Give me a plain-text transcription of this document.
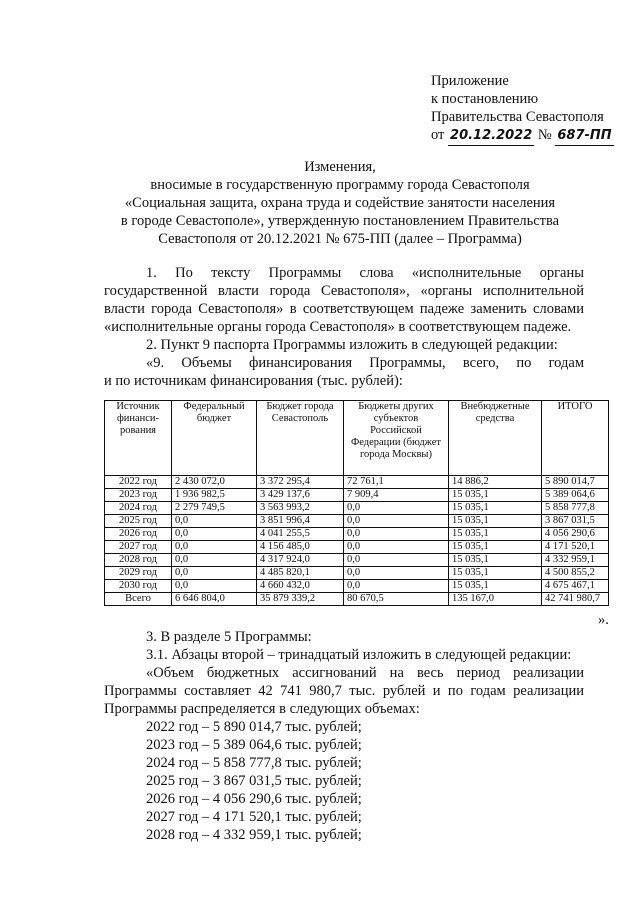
Приложение
к постановлению
Правительства Севастополя
от 20.12.2022 № 687-ПП
Изменения,
вносимые в государственную программу города Севастополя
«Социальная защита, охрана труда и содействие занятости населения
в городе Севастополе», утвержденную постановлением Правительства
Севастополя от 20.12.2021 № 675-ПП (далее – Программа)

1. По тексту Программы слова «исполнительные органы государственной власти города Севастополя», «органы исполнительной власти города Севастополя» в соответствующем падеже заменить словами «исполнительные органы города Севастополя» в соответствующем падеже.

2. Пункт 9 паспорта Программы изложить в следующей редакции:

«9. Объемы финансирования Программы, всего, по годам

и по источникам финансирования (тыс. рублей):

Источник финанси-рования	Федеральный бюджет	Бюджет города Севастополь	Бюджеты других субъектов Российской Федерации (бюджет города Москвы)	Внебюджетные средства	ИТОГО
2022 год	2 430 072,0	3 372 295,4	72 761,1	14 886,2	5 890 014,7
2023 год	1 936 982,5	3 429 137,6	7 909,4	15 035,1	5 389 064,6
2024 год	2 279 749,5	3 563 993,2	0,0	15 035,1	5 858 777,8
2025 год	0,0	3 851 996,4	0,0	15 035,1	3 867 031,5
2026 год	0,0	4 041 255,5	0,0	15 035,1	4 056 290,6
2027 год	0,0	4 156 485,0	0,0	15 035,1	4 171 520,1
2028 год	0,0	4 317 924,0	0,0	15 035,1	4 332 959,1
2029 год	0,0	4 485 820,1	0,0	15 035,1	4 500 855,2
2030 год	0,0	4 660 432,0	0,0	15 035,1	4 675 467,1
Всего	6 646 804,0	35 879 339,2	80 670,5	135 167,0	42 741 980,7
».

3. В разделе 5 Программы:

3.1. Абзацы второй – тринадцатый изложить в следующей редакции:

«Объем бюджетных ассигнований на весь период реализации Программы составляет 42 741 980,7 тыс. рублей и по годам реализации Программы распределяется в следующих объемах:

2022 год – 5 890 014,7 тыс. рублей;
2023 год – 5 389 064,6 тыс. рублей;
2024 год – 5 858 777,8 тыс. рублей;
2025 год – 3 867 031,5 тыс. рублей;
2026 год – 4 056 290,6 тыс. рублей;
2027 год – 4 171 520,1 тыс. рублей;
2028 год – 4 332 959,1 тыс. рублей;
